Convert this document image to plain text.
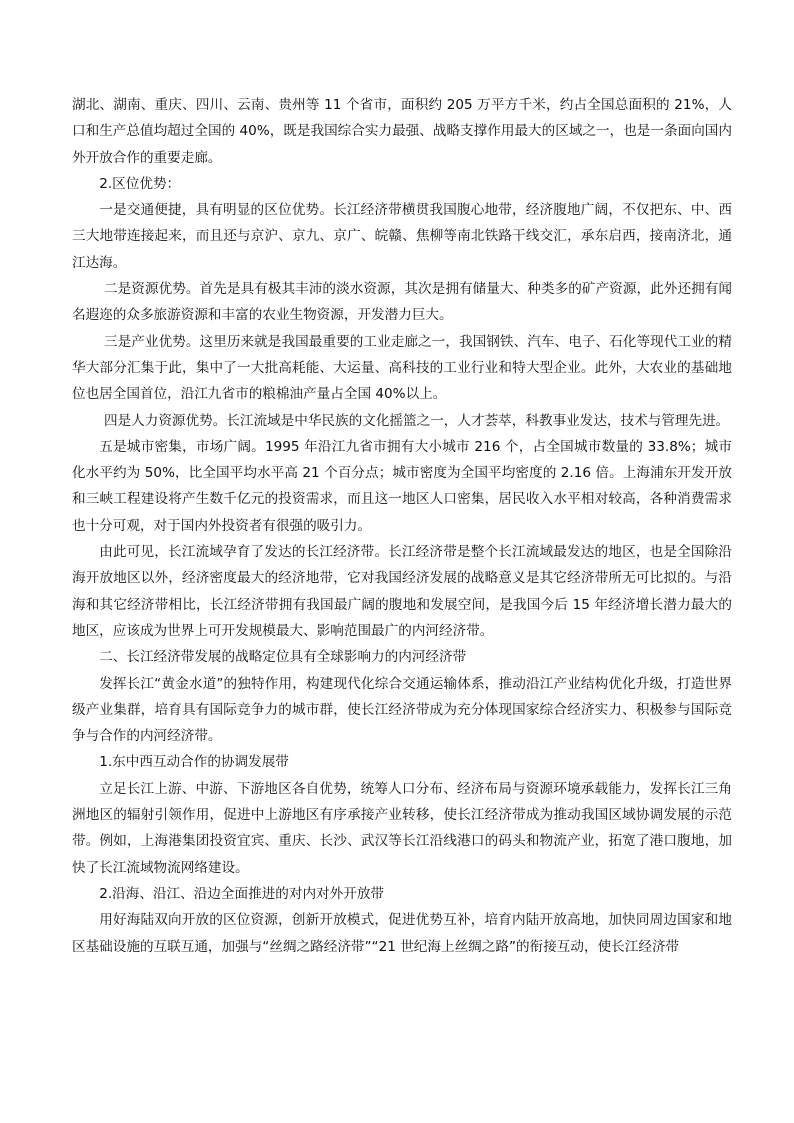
湖北、湖南、重庆、四川、云南、贵州等 11 个省市，面积约 205 万平方千米，约占全国总面积的 21%，人口和生产总值均超过全国的 40%，既是我国综合实力最强、战略支撑作用最大的区域之一，也是一条面向国内外开放合作的重要走廊。

2.区位优势：

一是交通便捷，具有明显的区位优势。长江经济带横贯我国腹心地带，经济腹地广阔，不仅把东、中、西三大地带连接起来，而且还与京沪、京九、京广、皖赣、焦柳等南北铁路干线交汇，承东启西，接南济北，通江达海。

二是资源优势。首先是具有极其丰沛的淡水资源，其次是拥有储量大、种类多的矿产资源，此外还拥有闻名遐迩的众多旅游资源和丰富的农业生物资源，开发潜力巨大。

三是产业优势。这里历来就是我国最重要的工业走廊之一，我国钢铁、汽车、电子、石化等现代工业的精华大部分汇集于此，集中了一大批高耗能、大运量、高科技的工业行业和特大型企业。此外，大农业的基础地位也居全国首位，沿江九省市的粮棉油产量占全国 40%以上。

四是人力资源优势。长江流域是中华民族的文化摇篮之一，人才荟萃，科教事业发达，技术与管理先进。

五是城市密集，市场广阔。1995 年沿江九省市拥有大小城市 216 个，占全国城市数量的 33.8%；城市化水平约为 50%，比全国平均水平高 21 个百分点；城市密度为全国平均密度的 2.16 倍。上海浦东开发开放和三峡工程建设将产生数千亿元的投资需求，而且这一地区人口密集，居民收入水平相对较高，各种消费需求也十分可观，对于国内外投资者有很强的吸引力。

由此可见，长江流域孕育了发达的长江经济带。长江经济带是整个长江流域最发达的地区，也是全国除沿海开放地区以外，经济密度最大的经济地带，它对我国经济发展的战略意义是其它经济带所无可比拟的。与沿海和其它经济带相比，长江经济带拥有我国最广阔的腹地和发展空间，是我国今后 15 年经济增长潜力最大的地区，应该成为世界上可开发规模最大、影响范围最广的内河经济带。

二、长江经济带发展的战略定位具有全球影响力的内河经济带

发挥长江“黄金水道”的独特作用，构建现代化综合交通运输体系，推动沿江产业结构优化升级，打造世界级产业集群，培育具有国际竞争力的城市群，使长江经济带成为充分体现国家综合经济实力、积极参与国际竞争与合作的内河经济带。

1.东中西互动合作的协调发展带

立足长江上游、中游、下游地区各自优势，统筹人口分布、经济布局与资源环境承载能力，发挥长江三角洲地区的辐射引领作用，促进中上游地区有序承接产业转移，使长江经济带成为推动我国区域协调发展的示范带。例如，上海港集团投资宜宾、重庆、长沙、武汉等长江沿线港口的码头和物流产业，拓宽了港口腹地，加快了长江流域物流网络建设。

2.沿海、沿江、沿边全面推进的对内对外开放带

用好海陆双向开放的区位资源，创新开放模式，促进优势互补，培育内陆开放高地，加快同周边国家和地区基础设施的互联互通，加强与“丝绸之路经济带”“21 世纪海上丝绸之路”的衔接互动，使长江经济带
